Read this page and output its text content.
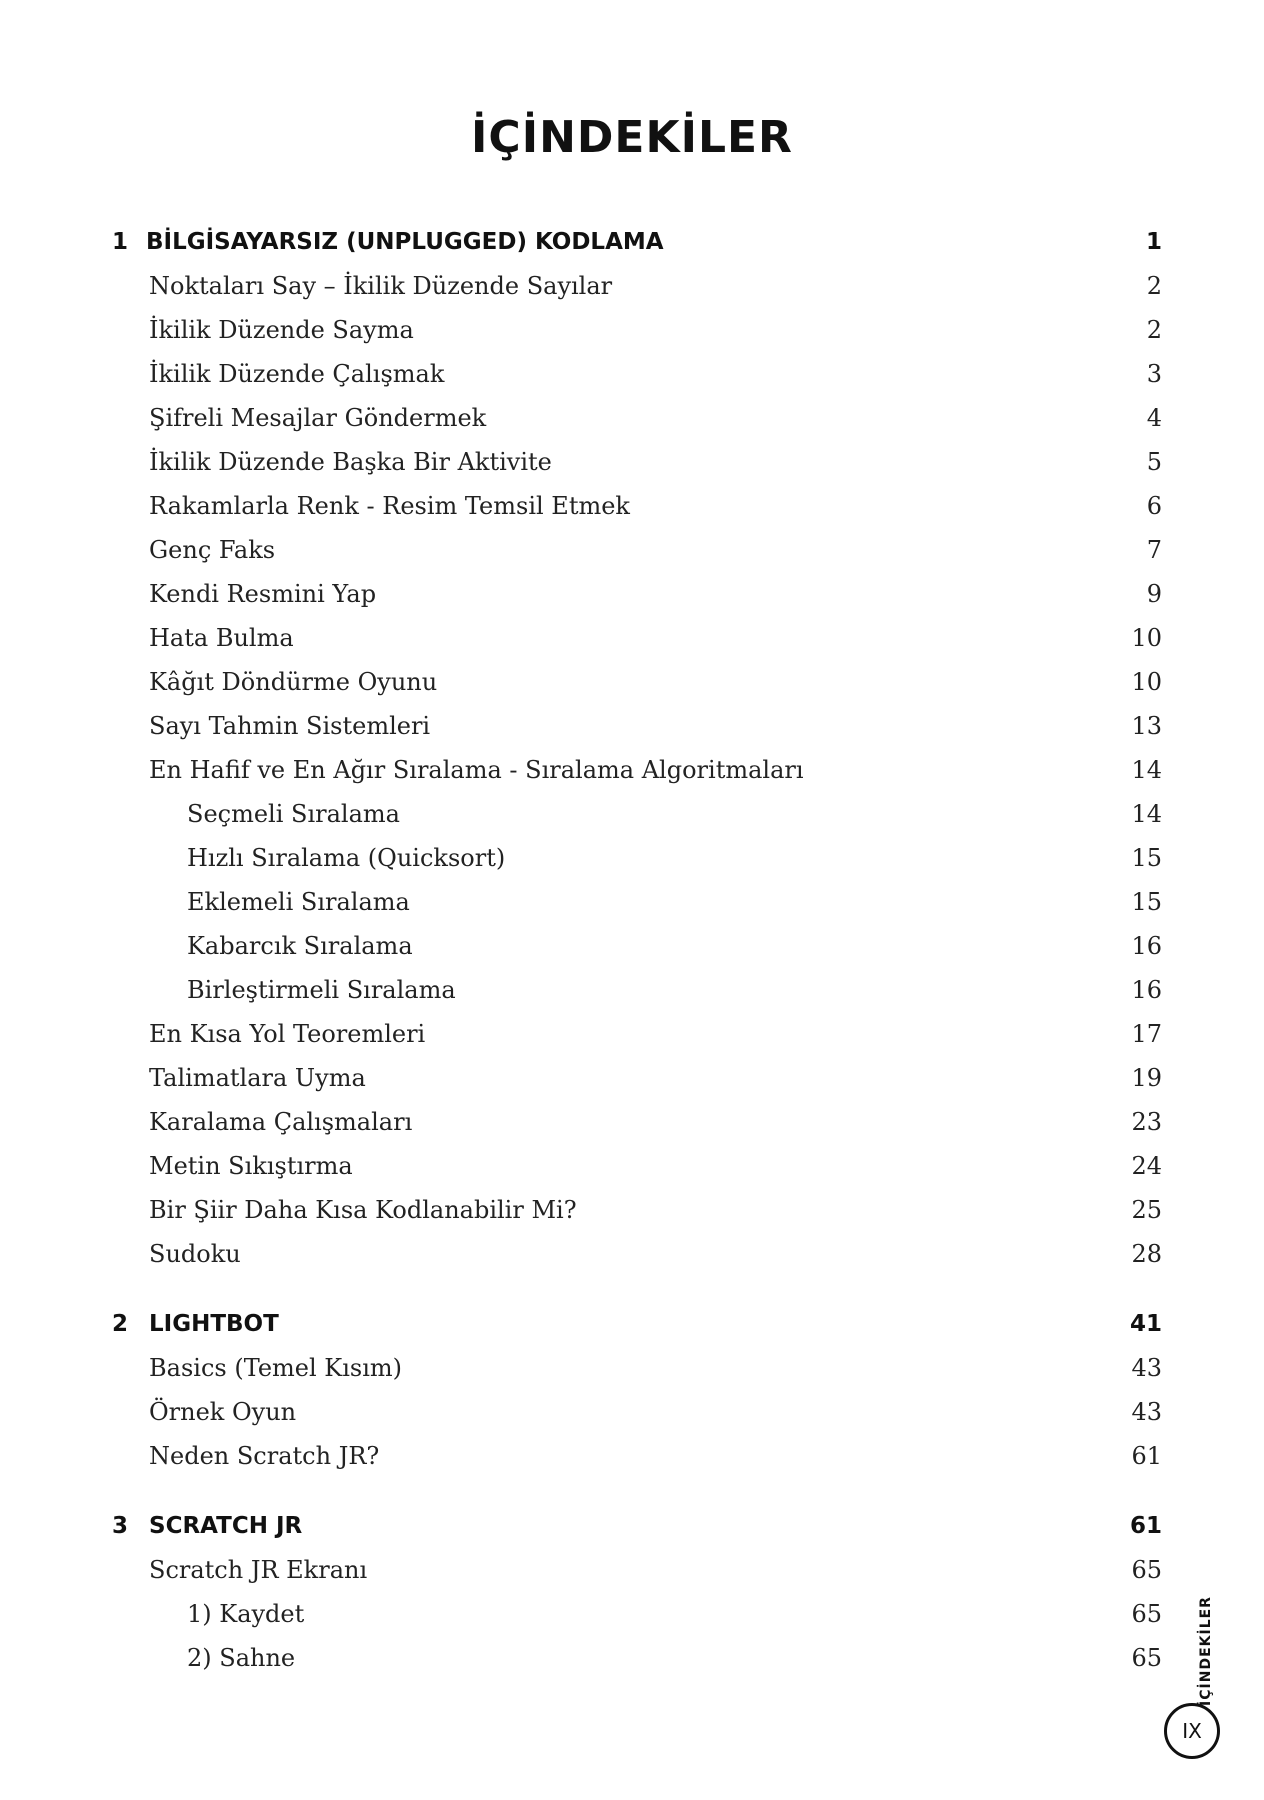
İÇİNDEKİLER
1 BİLGİSAYARSIZ (UNPLUGGED) KODLAMA	1
Noktaları Say – İkilik Düzende Sayılar	2
İkilik Düzende Sayma	2
İkilik Düzende Çalışmak	3
Şifreli Mesajlar Göndermek	4
İkilik Düzende Başka Bir Aktivite	5
Rakamlarla Renk - Resim Temsil Etmek	6
Genç Faks	7
Kendi Resmini Yap	9
Hata Bulma	10
Kâğıt Döndürme Oyunu	10
Sayı Tahmin Sistemleri	13
En Hafif ve En Ağır Sıralama - Sıralama Algoritmaları	14
Seçmeli Sıralama	14
Hızlı Sıralama (Quicksort)	15
Eklemeli Sıralama	15
Kabarcık Sıralama	16
Birleştirmeli Sıralama	16
En Kısa Yol Teoremleri	17
Talimatlara Uyma	19
Karalama Çalışmaları	23
Metin Sıkıştırma	24
Bir Şiir Daha Kısa Kodlanabilir Mi?	25
Sudoku	28
2 LIGHTBOT	41
Basics (Temel Kısım)	43
Örnek Oyun	43
Neden Scratch JR?	61
3 SCRATCH JR	61
Scratch JR Ekranı	65
1) Kaydet	65
2) Sahne	65	İÇİNDEKİLER
IX
